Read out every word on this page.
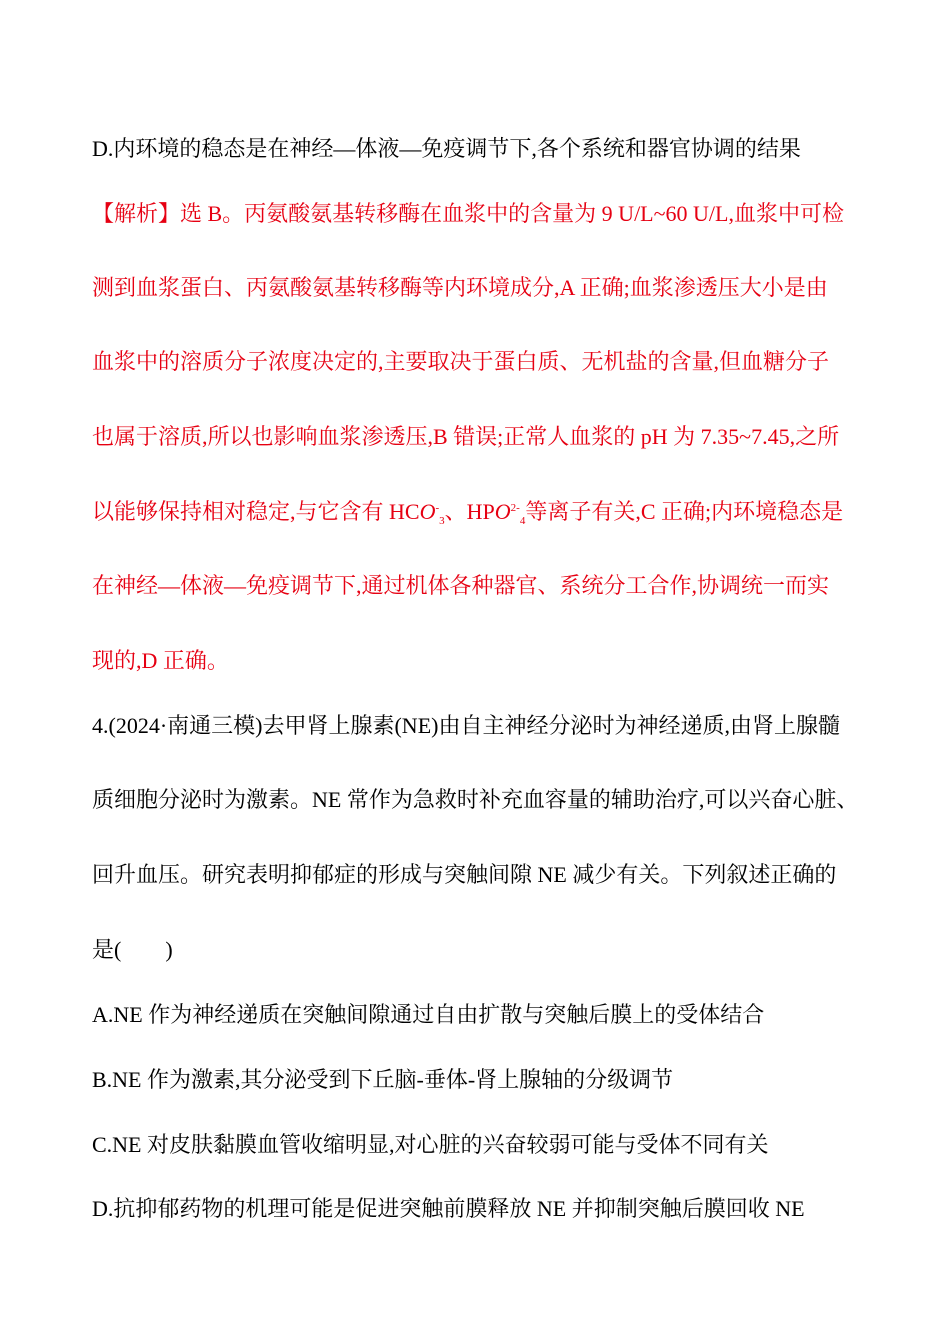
D.内环境的稳态是在神经—体液—免疫调节下,各个系统和器官协调的结果
【解析】选 B。丙氨酸氨基转移酶在血浆中的含量为 9 U/L~60 U/L,血浆中可检
测到血浆蛋白、丙氨酸氨基转移酶等内环境成分,A 正确;血浆渗透压大小是由
血浆中的溶质分子浓度决定的,主要取决于蛋白质、无机盐的含量,但血糖分子
也属于溶质,所以也影响血浆渗透压,B 错误;正常人血浆的 pH 为 7.35~7.45,之所
以能够保持相对稳定,与它含有 $HCO^-_3$、$HPO^{2-}_4$等离子有关,C 正确;内环境稳态是
在神经—体液—免疫调节下,通过机体各种器官、系统分工合作,协调统一而实
现的,D 正确。
4.(2024·南通三模)去甲肾上腺素(NE)由自主神经分泌时为神经递质,由肾上腺髓
质细胞分泌时为激素。NE 常作为急救时补充血容量的辅助治疗,可以兴奋心脏、
回升血压。研究表明抑郁症的形成与突触间隙 NE 减少有关。下列叙述正确的
是(　　)
A.NE 作为神经递质在突触间隙通过自由扩散与突触后膜上的受体结合
B.NE 作为激素,其分泌受到下丘脑-垂体-肾上腺轴的分级调节
C.NE 对皮肤黏膜血管收缩明显,对心脏的兴奋较弱可能与受体不同有关
D.抗抑郁药物的机理可能是促进突触前膜释放 NE 并抑制突触后膜回收 NE
